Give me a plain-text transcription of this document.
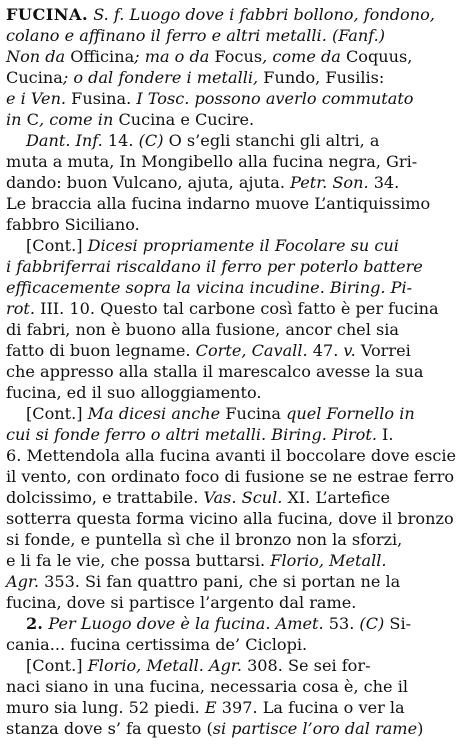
FUCINA. S. f. Luogo dove i fabbri bollono, fondono,
colano e affinano il ferro e altri metalli. (Fanf.)
Non da Officina; ma o da Focus, come da Coquus,
Cucina; o dal fondere i metalli, Fundo, Fusilis:
e i Ven. Fusina. I Tosc. possono averlo commutato
in C, come in Cucina e Cucire.
Dant. Inf. 14. (C) O s’egli stanchi gli altri, a
muta a muta, In Mongibello alla fucina negra, Gri-
dando: buon Vulcano, ajuta, ajuta. Petr. Son. 34.
Le braccia alla fucina indarno muove L’antiquissimo
fabbro Siciliano.
[Cont.] Dicesi propriamente il Focolare su cui
i fabbriferrai riscaldano il ferro per poterlo battere
efficacemente sopra la vicina incudine. Biring. Pi-
rot. III. 10. Questo tal carbone così fatto è per fucina
di fabri, non è buono alla fusione, ancor chel sia
fatto di buon legname. Corte, Cavall. 47. v. Vorrei
che appresso alla stalla il marescalco avesse la sua
fucina, ed il suo alloggiamento.
[Cont.] Ma dicesi anche Fucina quel Fornello in
cui si fonde ferro o altri metalli. Biring. Pirot. I.
6. Mettendola alla fucina avanti il boccolare dove escie
il vento, con ordinato foco di fusione se ne estrae ferro
dolcissimo, e trattabile. Vas. Scul. XI. L’artefice
sotterra questa forma vicino alla fucina, dove il bronzo
si fonde, e puntella sì che il bronzo non la sforzi,
e li fa le vie, che possa buttarsi. Florio, Metall.
Agr. 353. Si fan quattro pani, che si portan ne la
fucina, dove si partisce l’argento dal rame.
2. Per Luogo dove è la fucina. Amet. 53. (C) Si-
cania... fucina certissima de’ Ciclopi.
[Cont.] Florio, Metall. Agr. 308. Se sei for-
naci siano in una fucina, necessaria cosa è, che il
muro sia lung. 52 piedi. E 397. La fucina o ver la
stanza dove s’ fa questo (si partisce l’oro dal rame)
